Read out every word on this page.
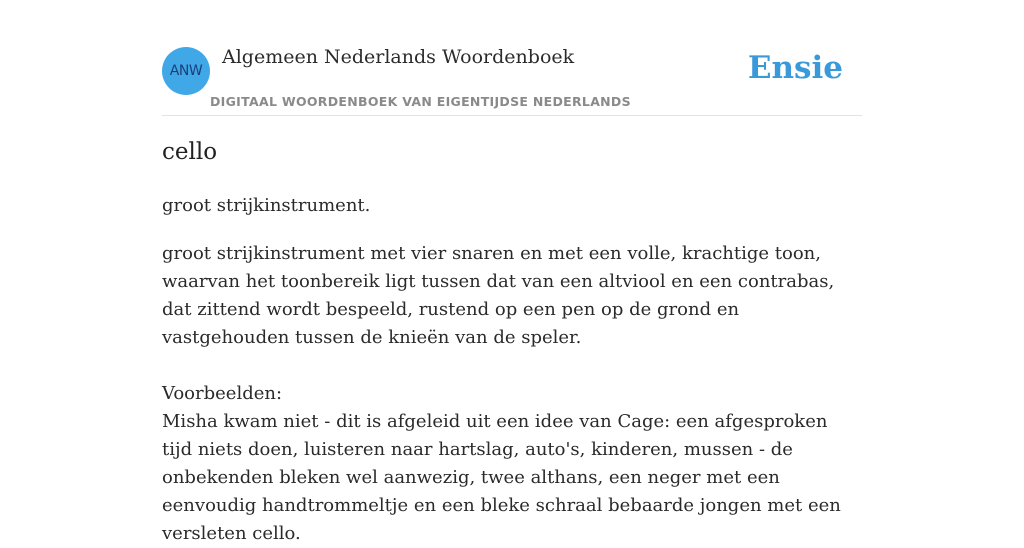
ANW
Algemeen Nederlands Woordenboek
DIGITAAL WOORDENBOEK VAN EIGENTIJDSE NEDERLANDS
Ensie
cello

groot strijkinstrument.

groot strijkinstrument met vier snaren en met een volle, krachtige toon, waarvan het toonbereik ligt tussen dat van een altviool en een contrabas, dat zittend wordt bespeeld, rustend op een pen op de grond en vastgehouden tussen de knieën van de speler.

Voorbeelden:

Misha kwam niet - dit is afgeleid uit een idee van Cage: een afgesproken tijd niets doen, luisteren naar hartslag, auto's, kinderen, mussen - de onbekenden bleken wel aanwezig, twee althans, een neger met een eenvoudig handtrommeltje en een bleke schraal bebaarde jongen met een versleten cello.
